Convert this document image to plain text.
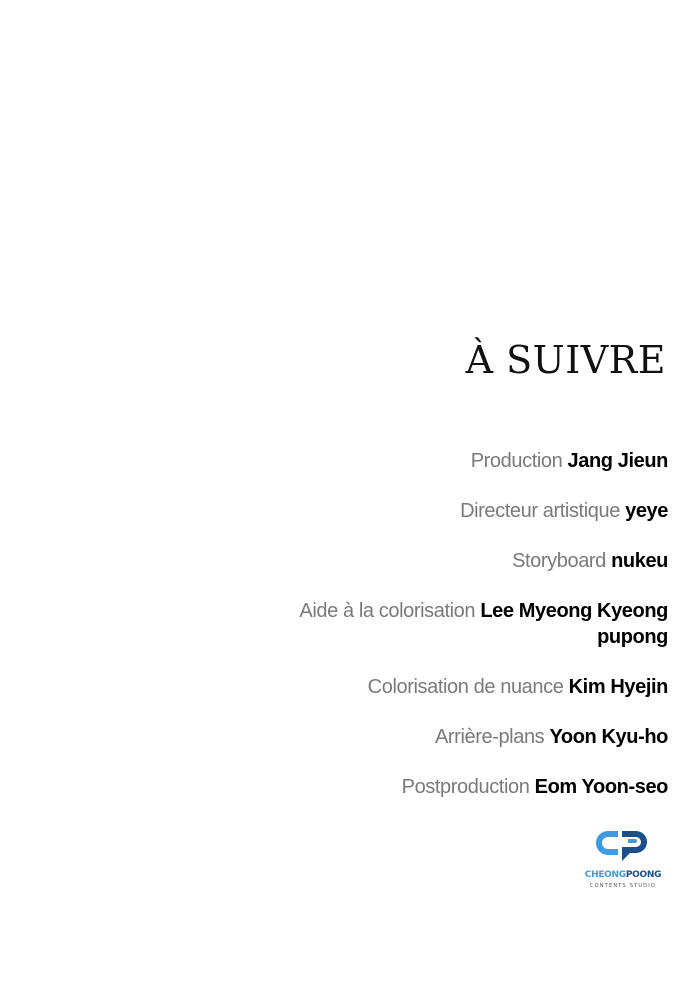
À SUIVRE
Production Jang Jieun
Directeur artistique yeye
Storyboard nukeu
Aide à la colorisation Lee Myeong Kyeong
pupong
Colorisation de nuance Kim Hyejin
Arrière-plans Yoon Kyu-ho
Postproduction Eom Yoon-seo
CHEONGPOONG
CONTENTS STUDIO
